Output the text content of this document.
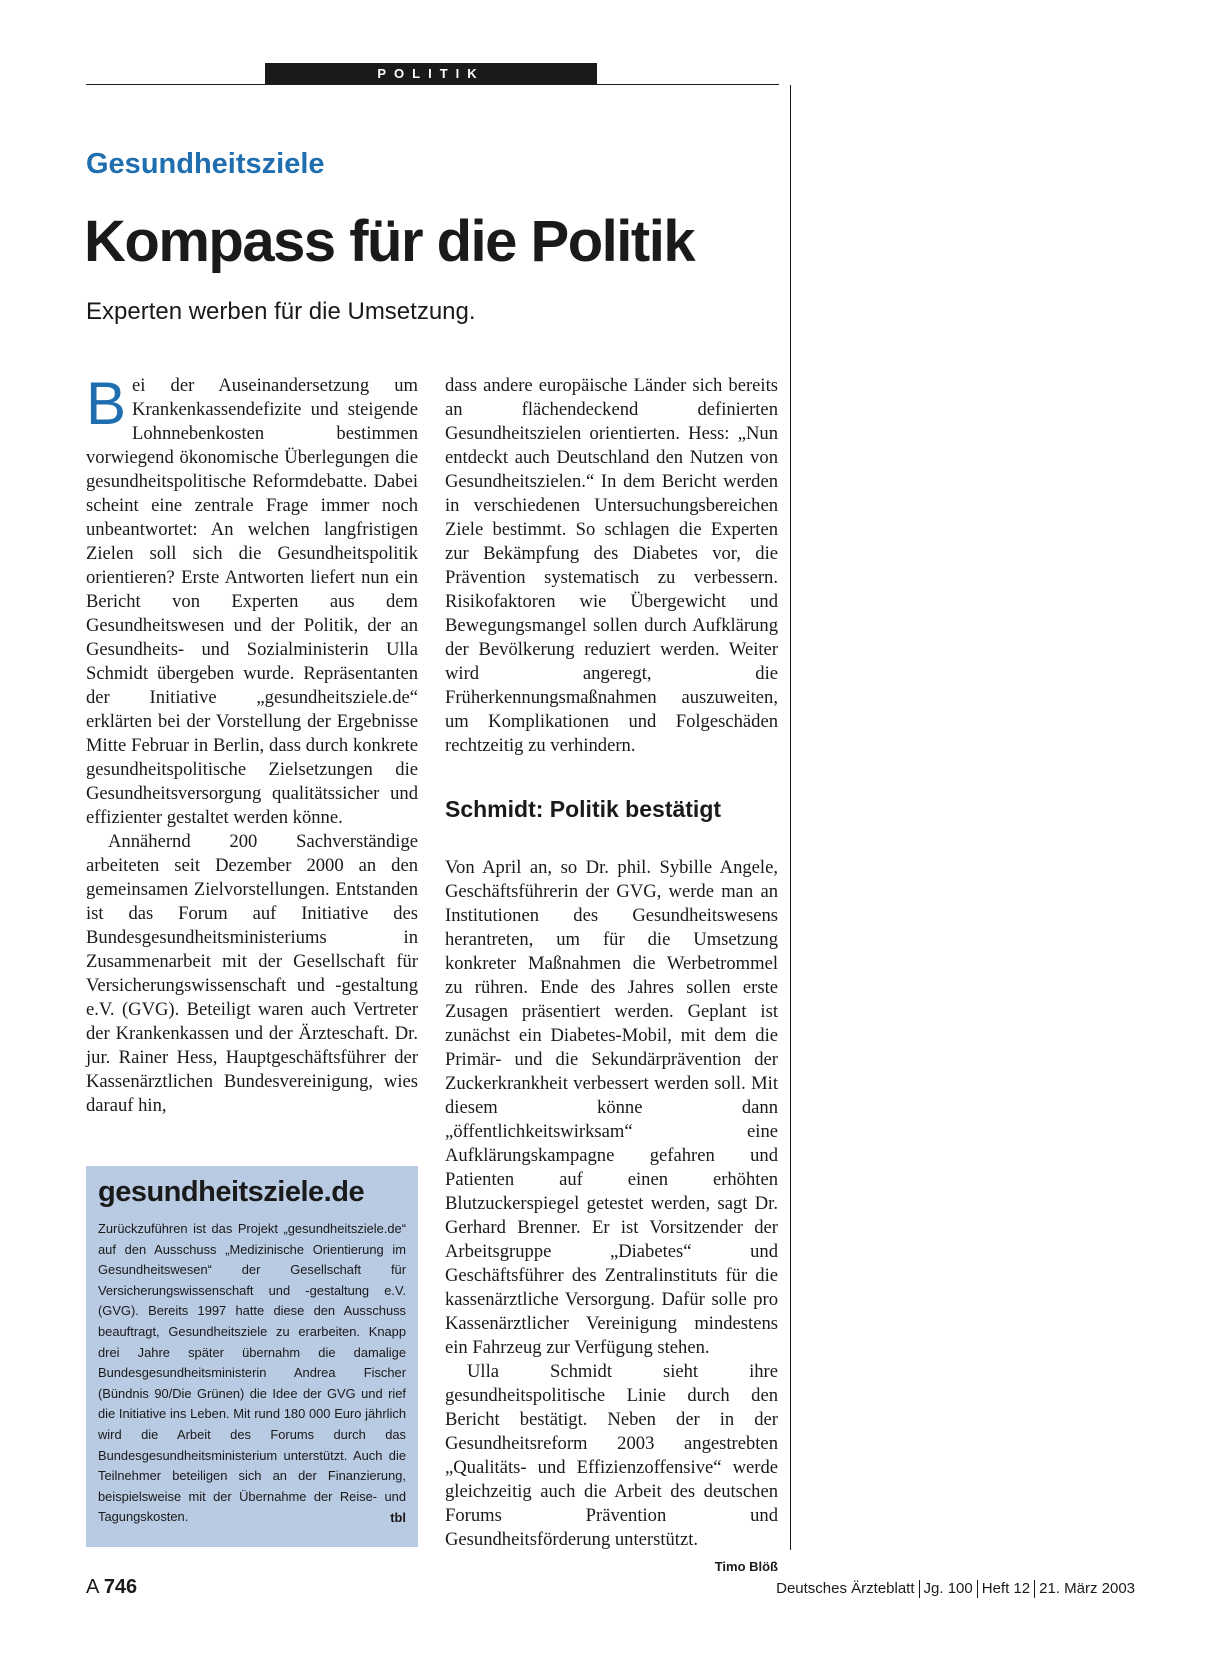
POLITIK
Gesundheitsziele
Kompass für die Politik
Experten werben für die Umsetzung.

Bei der Auseinandersetzung um Krankenkassendefizite und steigende Lohnnebenkosten bestimmen vorwiegend ökonomische Überlegungen die gesundheitspolitische Reformdebatte. Dabei scheint eine zentrale Frage immer noch unbeantwortet: An welchen langfristigen Zielen soll sich die Gesundheitspolitik orientieren? Erste Antworten liefert nun ein Bericht von Experten aus dem Gesundheitswesen und der Politik, der an Gesundheits- und Sozialministerin Ulla Schmidt übergeben wurde. Repräsentanten der Initiative „gesundheitsziele.de“ erklärten bei der Vorstellung der Ergebnisse Mitte Februar in Berlin, dass durch konkrete gesundheitspolitische Zielsetzungen die Gesundheitsversorgung qualitätssicher und effizienter gestaltet werden könne.

Annähernd 200 Sachverständige arbeiteten seit Dezember 2000 an den gemeinsamen Zielvorstellungen. Entstanden ist das Forum auf Initiative des Bundesgesundheitsministeriums in Zusammenarbeit mit der Gesellschaft für Versicherungswissenschaft und -gestaltung e.V. (GVG). Beteiligt waren auch Vertreter der Krankenkassen und der Ärzteschaft. Dr. jur. Rainer Hess, Hauptgeschäftsführer der Kassenärztlichen Bundesvereinigung, wies darauf hin,

dass andere europäische Länder sich bereits an flächendeckend definierten Gesundheitszielen orientierten. Hess: „Nun entdeckt auch Deutschland den Nutzen von Gesundheitszielen.“ In dem Bericht werden in verschiedenen Untersuchungsbereichen Ziele bestimmt. So schlagen die Experten zur Bekämpfung des Diabetes vor, die Prävention systematisch zu verbessern. Risikofaktoren wie Übergewicht und Bewegungsmangel sollen durch Aufklärung der Bevölkerung reduziert werden. Weiter wird angeregt, die Früherkennungsmaßnahmen auszuweiten, um Komplikationen und Folgeschäden rechtzeitig zu verhindern.

Schmidt: Politik bestätigt

Von April an, so Dr. phil. Sybille Angele, Geschäftsführerin der GVG, werde man an Institutionen des Gesundheitswesens herantreten, um für die Umsetzung konkreter Maßnahmen die Werbetrommel zu rühren. Ende des Jahres sollen erste Zusagen präsentiert werden. Geplant ist zunächst ein Diabetes-Mobil, mit dem die Primär- und die Sekundärprävention der Zuckerkrankheit verbessert werden soll. Mit diesem könne dann „öffentlichkeitswirksam“ eine Aufklärungskampagne gefahren und Patienten auf einen erhöhten Blutzuckerspiegel getestet werden, sagt Dr. Gerhard Brenner. Er ist Vorsitzender der Arbeitsgruppe „Diabetes“ und Geschäftsführer des Zentralinstituts für die kassenärztliche Versorgung. Dafür solle pro Kassenärztlicher Vereinigung mindestens ein Fahrzeug zur Verfügung stehen.

Ulla Schmidt sieht ihre gesundheitspolitische Linie durch den Bericht bestätigt. Neben der in der Gesundheitsreform 2003 angestrebten „Qualitäts- und Effizienzoffensive“ werde gleichzeitig auch die Arbeit des deutschen Forums Prävention und Gesundheitsförderung unterstützt.
Timo Blöß

gesundheitsziele.de
Zurückzuführen ist das Projekt „gesundheitsziele.de“ auf den Ausschuss „Medizinische Orientierung im Gesundheitswesen“ der Gesellschaft für Versicherungswissenschaft und -gestaltung e.V. (GVG). Bereits 1997 hatte diese den Ausschuss beauftragt, Gesundheitsziele zu erarbeiten. Knapp drei Jahre später übernahm die damalige Bundesgesundheitsministerin Andrea Fischer (Bündnis 90/Die Grünen) die Idee der GVG und rief die Initiative ins Leben. Mit rund 180 000 Euro jährlich wird die Arbeit des Forums durch das Bundesgesundheitsministerium unterstützt. Auch die Teilnehmer beteiligen sich an der Finanzierung, beispielsweise mit der Übernahme der Reise- und Tagungskosten.	tbl
A 746	Deutsches Ärzteblatt Jg. 100 Heft 12 21. März 2003
